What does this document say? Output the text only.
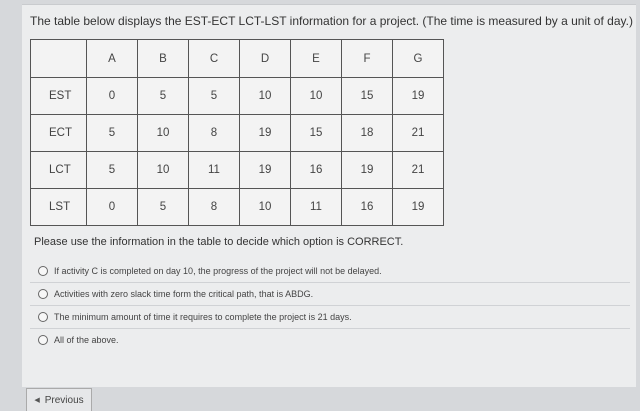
The table below displays the EST-ECT LCT-LST information for a project. (The time is measured by a unit of day.)
	A	B	C	D	E	F	G
EST	0	5	5	10	10	15	19
ECT	5	10	8	19	15	18	21
LCT	5	10	11	19	16	19	21
LST	0	5	8	10	11	16	19
Please use the information in the table to decide which option is CORRECT.
If activity C is completed on day 10, the progress of the project will not be delayed.
Activities with zero slack time form the critical path, that is ABDG.
The minimum amount of time it requires to complete the project is 21 days.
All of the above.
◀ Previous
